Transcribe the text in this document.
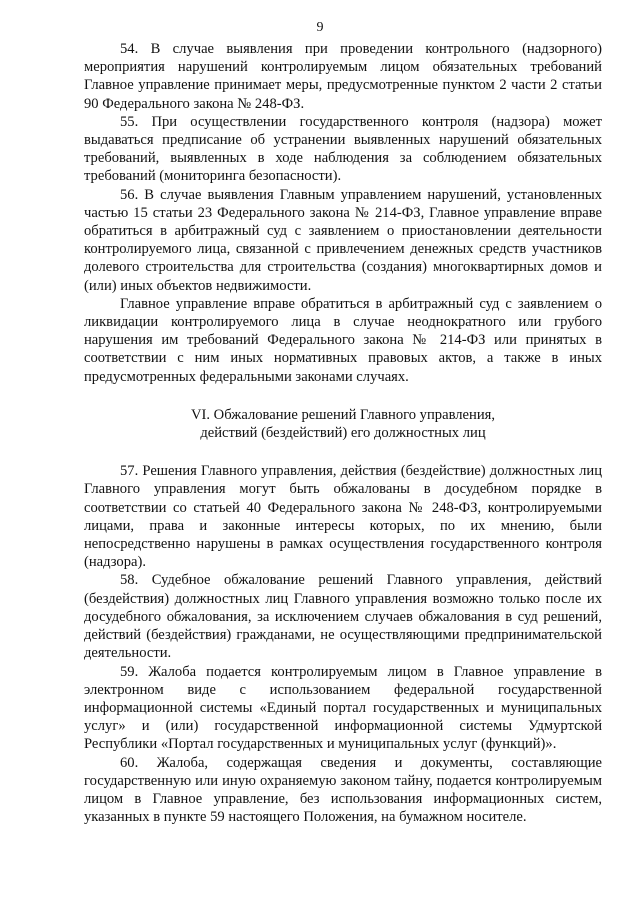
9

54. В случае выявления при проведении контрольного (надзорного) мероприятия нарушений контролируемым лицом обязательных требований Главное управление принимает меры, предусмотренные пунктом 2 части 2 статьи 90 Федерального закона № 248-ФЗ.

55. При осуществлении государственного контроля (надзора) может выдаваться предписание об устранении выявленных нарушений обязательных требований, выявленных в ходе наблюдения за соблюдением обязательных требований (мониторинга безопасности).

56. В случае выявления Главным управлением нарушений, установленных частью 15 статьи 23 Федерального закона № 214-ФЗ, Главное управление вправе обратиться в арбитражный суд с заявлением о приостановлении деятельности контролируемого лица, связанной с привлечением денежных средств участников долевого строительства для строительства (создания) многоквартирных домов и (или) иных объектов недвижимости.

Главное управление вправе обратиться в арбитражный суд с заявлением о ликвидации контролируемого лица в случае неоднократного или грубого нарушения им требований Федерального закона № 214-ФЗ или принятых в соответствии с ним иных нормативных правовых актов, а также в иных предусмотренных федеральными законами случаях.

VI. Обжалование решений Главного управления,
действий (бездействий) его должностных лиц

57. Решения Главного управления, действия (бездействие) должностных лиц Главного управления могут быть обжалованы в досудебном порядке в соответствии со статьей 40 Федерального закона № 248-ФЗ, контролируемыми лицами, права и законные интересы которых, по их мнению, были непосредственно нарушены в рамках осуществления государственного контроля (надзора).

58. Судебное обжалование решений Главного управления, действий (бездействия) должностных лиц Главного управления возможно только после их досудебного обжалования, за исключением случаев обжалования в суд решений, действий (бездействия) гражданами, не осуществляющими предпринимательской деятельности.

59. Жалоба подается контролируемым лицом в Главное управление в электронном виде с использованием федеральной государственной информационной системы «Единый портал государственных и муниципальных услуг» и (или) государственной информационной системы Удмуртской Республики «Портал государственных и муниципальных услуг (функций)».

60. Жалоба, содержащая сведения и документы, составляющие государственную или иную охраняемую законом тайну, подается контролируемым лицом в Главное управление, без использования информационных систем, указанных в пункте 59 настоящего Положения, на бумажном носителе.
